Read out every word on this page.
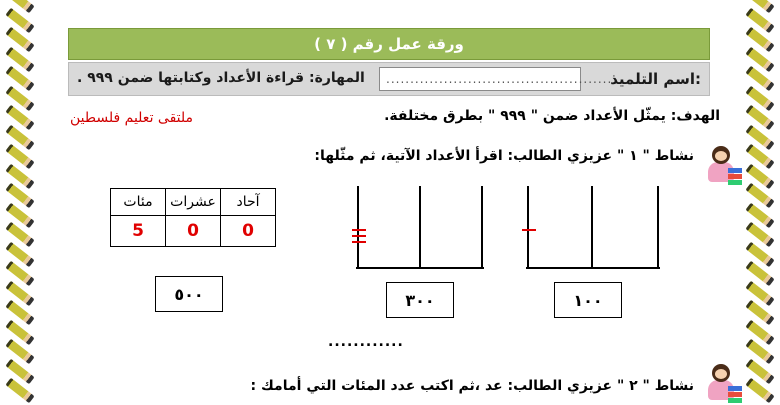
ورقة عمل رقم ( ٧ )
اسم التلميذ:
...............................................
المهارة: قراءة الأعداد وكتابتها ضمن ٩٩٩ .
الهدف: يمثّل الأعداد ضمن " ٩٩٩ " بطرق مختلفة.
ملتقى تعليم فلسطين
نشاط " ١ " عزيزي الطالب: اقرأ الأعداد الآتية، ثم مثّلها:
آحاد	عشرات	مئات
0	0	5
٥٠٠	٣٠٠	١٠٠
............
نشاط " ٢ " عزيزي الطالب: عد ،ثم اكتب عدد المئات التي أمامك :
